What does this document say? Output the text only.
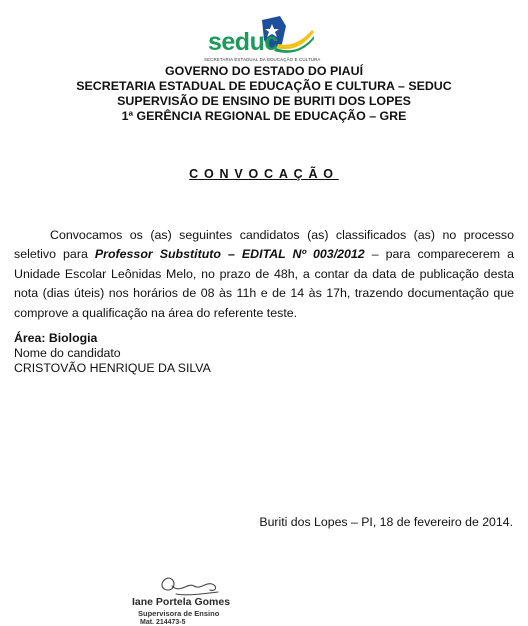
seduc
SECRETARIA ESTADUAL DA EDUCAÇÃO E CULTURA
GOVERNO DO ESTADO DO PIAUÍ
SECRETARIA ESTADUAL DE EDUCAÇÃO E CULTURA – SEDUC
SUPERVISÃO DE ENSINO DE BURITI DOS LOPES
1ª GERÊNCIA REGIONAL DE EDUCAÇÃO – GRE
CONVOCAÇÃO
Convocamos os (as) seguintes candidatos (as) classificados (as) no processo seletivo para Professor Substituto – EDITAL Nº 003/2012 – para comparecerem a Unidade Escolar Leônidas Melo, no prazo de 48h, a contar da data de publicação desta nota (dias úteis) nos horários de 08 às 11h e de 14 às 17h, trazendo documentação que comprove a qualificação na área do referente teste.
Área: Biologia
Nome do candidato
CRISTOVÃO HENRIQUE DA SILVA
Buriti dos Lopes – PI, 18 de fevereiro de 2014.
Iane Portela Gomes
Supervisora de Ensino
Mat. 214473-5
